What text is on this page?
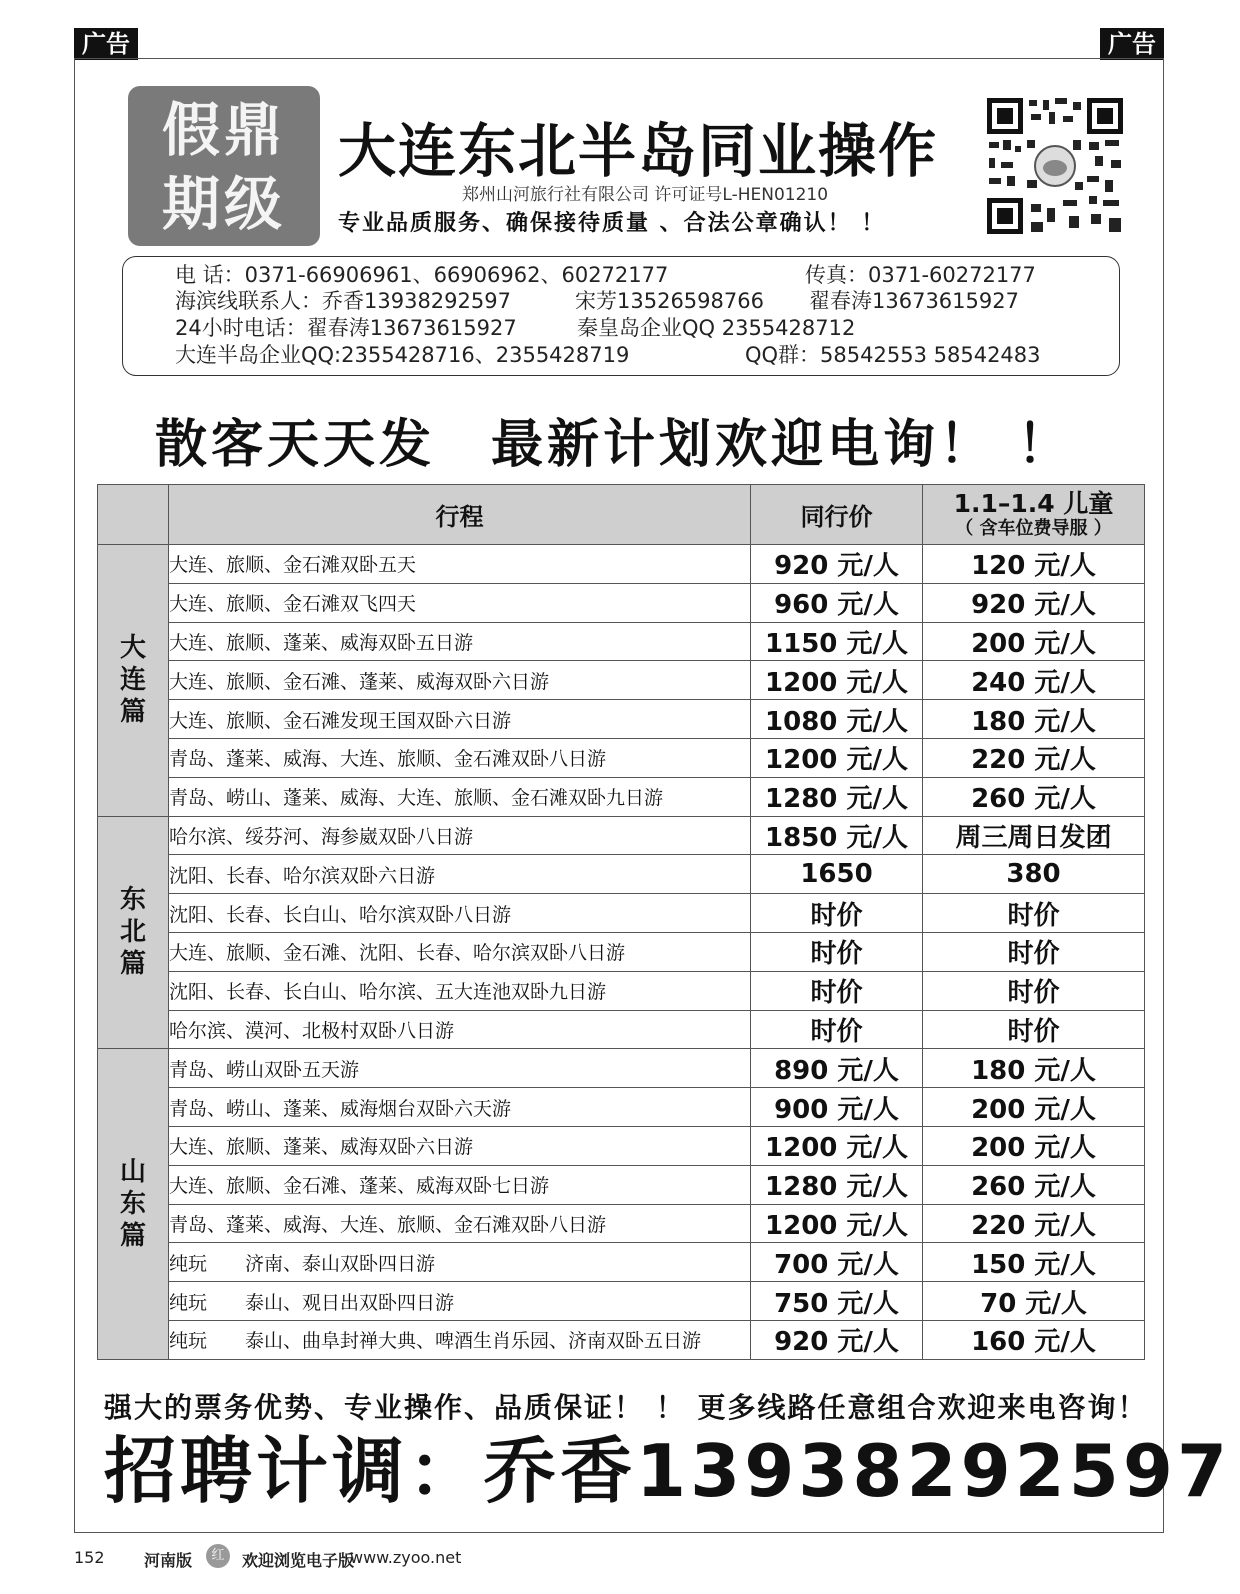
广告	广告
假鼎
期级
大连东北半岛同业操作
郑州山河旅行社有限公司 许可证号L-HEN01210
专业品质服务、确保接待质量 、合法公章确认！ ！
电 话：0371-66906961、66906962、60272177	传真：0371-60272177
海滨线联系人：乔香13938292597	宋芳13526598766 翟春涛13673615927
24小时电话：翟春涛13673615927	秦皇岛企业QQ 2355428712
大连半岛企业QQ:2355428716、2355428719	QQ群：58542553 58542483
散客天天发　最新计划欢迎电询！ ！
	行程	同行价	1.1–1.4 儿童
（ 含车位费导服 ）

大
连
篇	大连、旅顺、金石滩双卧五天	920 元/人	120 元/人
	大连、旅顺、金石滩双飞四天	960 元/人	920 元/人
	大连、旅顺、蓬莱、威海双卧五日游	1150 元/人	200 元/人
	大连、旅顺、金石滩、蓬莱、威海双卧六日游	1200 元/人	240 元/人
	大连、旅顺、金石滩发现王国双卧六日游	1080 元/人	180 元/人
	青岛、蓬莱、威海、大连、旅顺、金石滩双卧八日游	1200 元/人	220 元/人
	青岛、崂山、蓬莱、威海、大连、旅顺、金石滩双卧九日游	1280 元/人	260 元/人
东
北
篇	哈尔滨、绥芬河、海参崴双卧八日游	1850 元/人	周三周日发团
	沈阳、长春、哈尔滨双卧六日游	1650	380
	沈阳、长春、长白山、哈尔滨双卧八日游	时价	时价
	大连、旅顺、金石滩、沈阳、长春、哈尔滨双卧八日游	时价	时价
	沈阳、长春、长白山、哈尔滨、五大连池双卧九日游	时价	时价
	哈尔滨、漠河、北极村双卧八日游	时价	时价
山
东
篇	青岛、崂山双卧五天游	890 元/人	180 元/人
	青岛、崂山、蓬莱、威海烟台双卧六天游	900 元/人	200 元/人
	大连、旅顺、蓬莱、威海双卧六日游	1200 元/人	200 元/人
	大连、旅顺、金石滩、蓬莱、威海双卧七日游	1280 元/人	260 元/人
	青岛、蓬莱、威海、大连、旅顺、金石滩双卧八日游	1200 元/人	220 元/人
	纯玩　　济南、泰山双卧四日游	700 元/人	150 元/人
	纯玩　　泰山、观日出双卧四日游	750 元/人	70 元/人
	纯玩　　泰山、曲阜封禅大典、啤酒生肖乐园、济南双卧五日游	920 元/人	160 元/人
强大的票务优势、专业操作、品质保证！ ！ 更多线路任意组合欢迎来电咨询！
招聘计调：乔香13938292597
152 河南版	红	欢迎浏览电子版
www.zyoo.net
